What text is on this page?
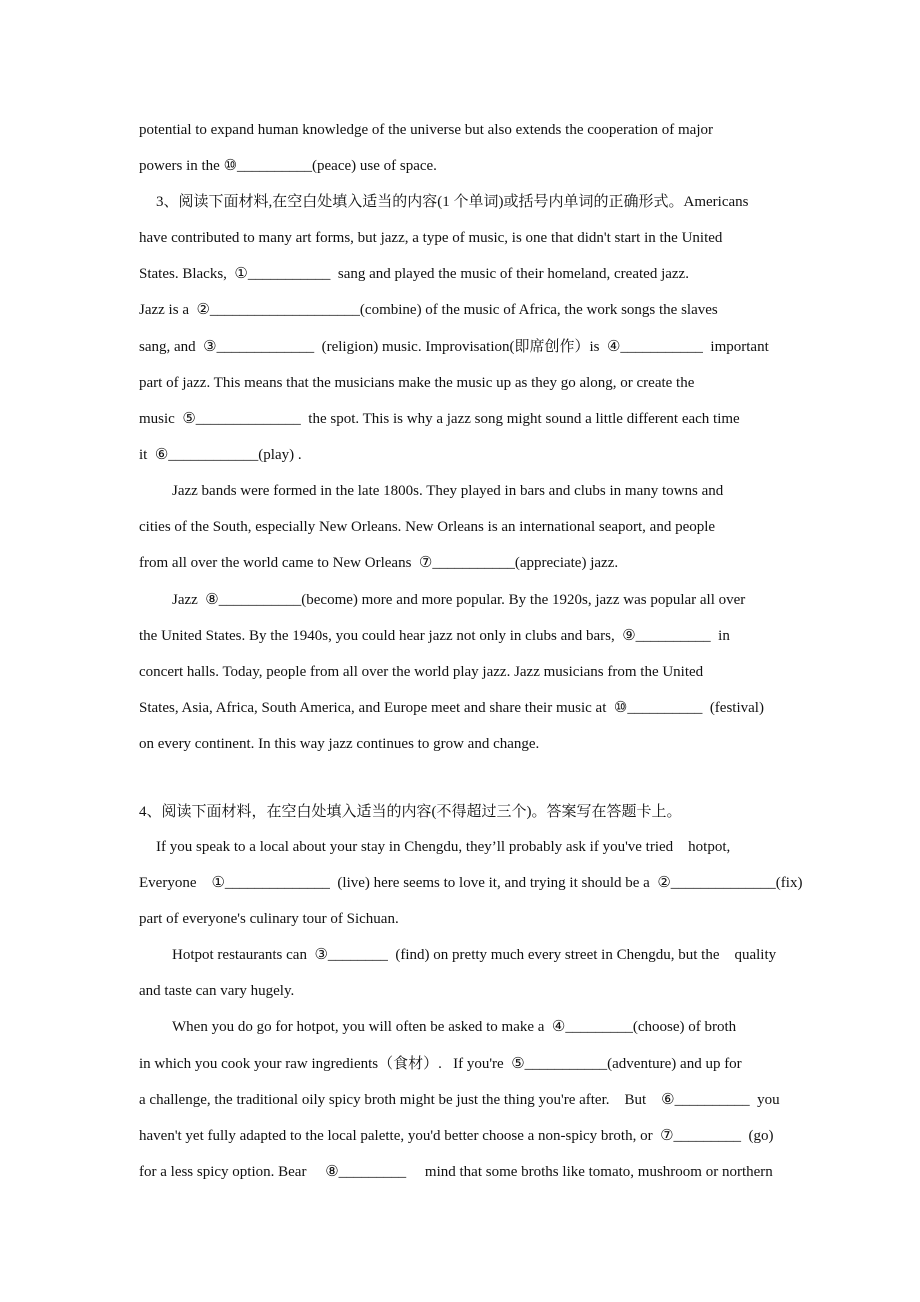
potential to expand human knowledge of the universe but also extends the cooperation of major
powers in the ⑩__________(peace) use of space.
3、阅读下面材料,在空白处填入适当的内容(1 个单词)或括号内单词的正确形式。Americans
have contributed to many art forms, but jazz, a type of music, is one that didn't start in the United
States. Blacks,  ①___________  sang and played the music of their homeland, created jazz.
Jazz is a  ②____________________(combine) of the music of Africa, the work songs the slaves
sang, and  ③_____________  (religion) music. Improvisation(即席创作）is  ④___________  important
part of jazz. This means that the musicians make the music up as they go along, or create the
music  ⑤______________  the spot. This is why a jazz song might sound a little different each time
it  ⑥____________(play) .
Jazz bands were formed in the late 1800s. They played in bars and clubs in many towns and
cities of the South, especially New Orleans. New Orleans is an international seaport, and people
from all over the world came to New Orleans  ⑦___________(appreciate) jazz.
Jazz  ⑧___________(become) more and more popular. By the 1920s, jazz was popular all over
the United States. By the 1940s, you could hear jazz not only in clubs and bars,  ⑨__________  in
concert halls. Today, people from all over the world play jazz. Jazz musicians from the United
States, Asia, Africa, South America, and Europe meet and share their music at  ⑩__________  (festival)
on every continent. In this way jazz continues to grow and change.
4、阅读下面材料，在空白处填入适当的内容(不得超过三个)。答案写在答题卡上。
If you speak to a local about your stay in Chengdu, they’ll probably ask if you've tried    hotpot,
Everyone    ①______________  (live) here seems to love it, and trying it should be a  ②______________(fix)
part of everyone's culinary tour of Sichuan.
Hotpot restaurants can  ③________  (find) on pretty much every street in Chengdu, but the    quality
and taste can vary hugely.
When you do go for hotpot, you will often be asked to make a  ④_________(choose) of broth
in which you cook your raw ingredients（食材）.   If you're  ⑤___________(adventure) and up for
a challenge, the traditional oily spicy broth might be just the thing you're after.    But    ⑥__________  you
haven't yet fully adapted to the local palette, you'd better choose a non-spicy broth, or  ⑦_________  (go)
for a less spicy option. Bear     ⑧_________     mind that some broths like tomato, mushroom or northern
